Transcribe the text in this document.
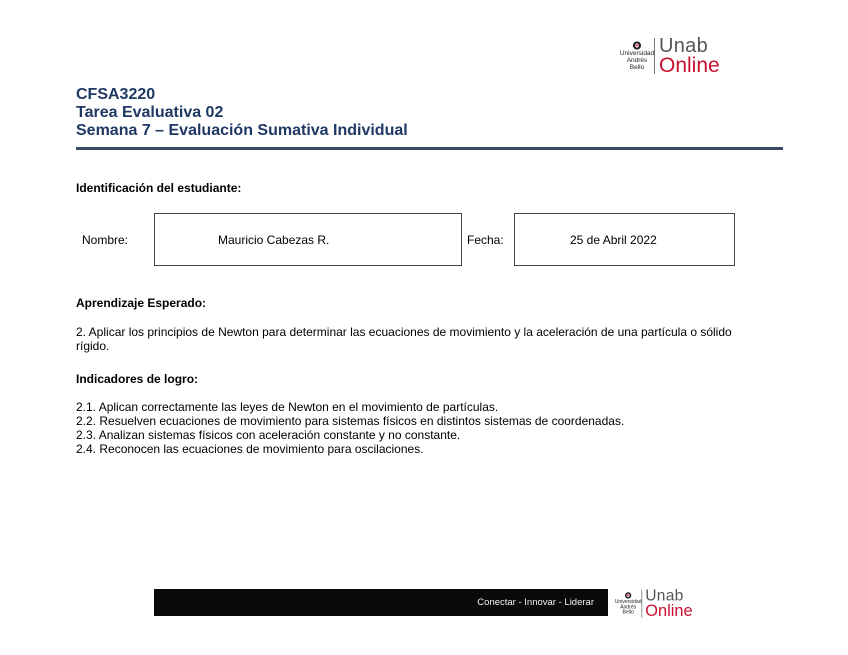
Universidad
Andrés Bello
Unab
Online
CFSA3220
Tarea Evaluativa 02
Semana 7 – Evaluación Sumativa Individual
Identificación del estudiante:
Nombre:	Mauricio Cabezas R.	Fecha:	25 de Abril 2022
Aprendizaje Esperado:
2. Aplicar los principios de Newton para determinar las ecuaciones de movimiento y la aceleración de una partícula o sólido
rígido.
Indicadores de logro:
2.1. Aplican correctamente las leyes de Newton en el movimiento de partículas.
2.2. Resuelven ecuaciones de movimiento para sistemas físicos en distintos sistemas de coordenadas.
2.3. Analizan sistemas físicos con aceleración constante y no constante.
2.4. Reconocen las ecuaciones de movimiento para oscilaciones.
Conectar - Innovar - Liderar	Universidad
Andrés Bello
Unab
Online
